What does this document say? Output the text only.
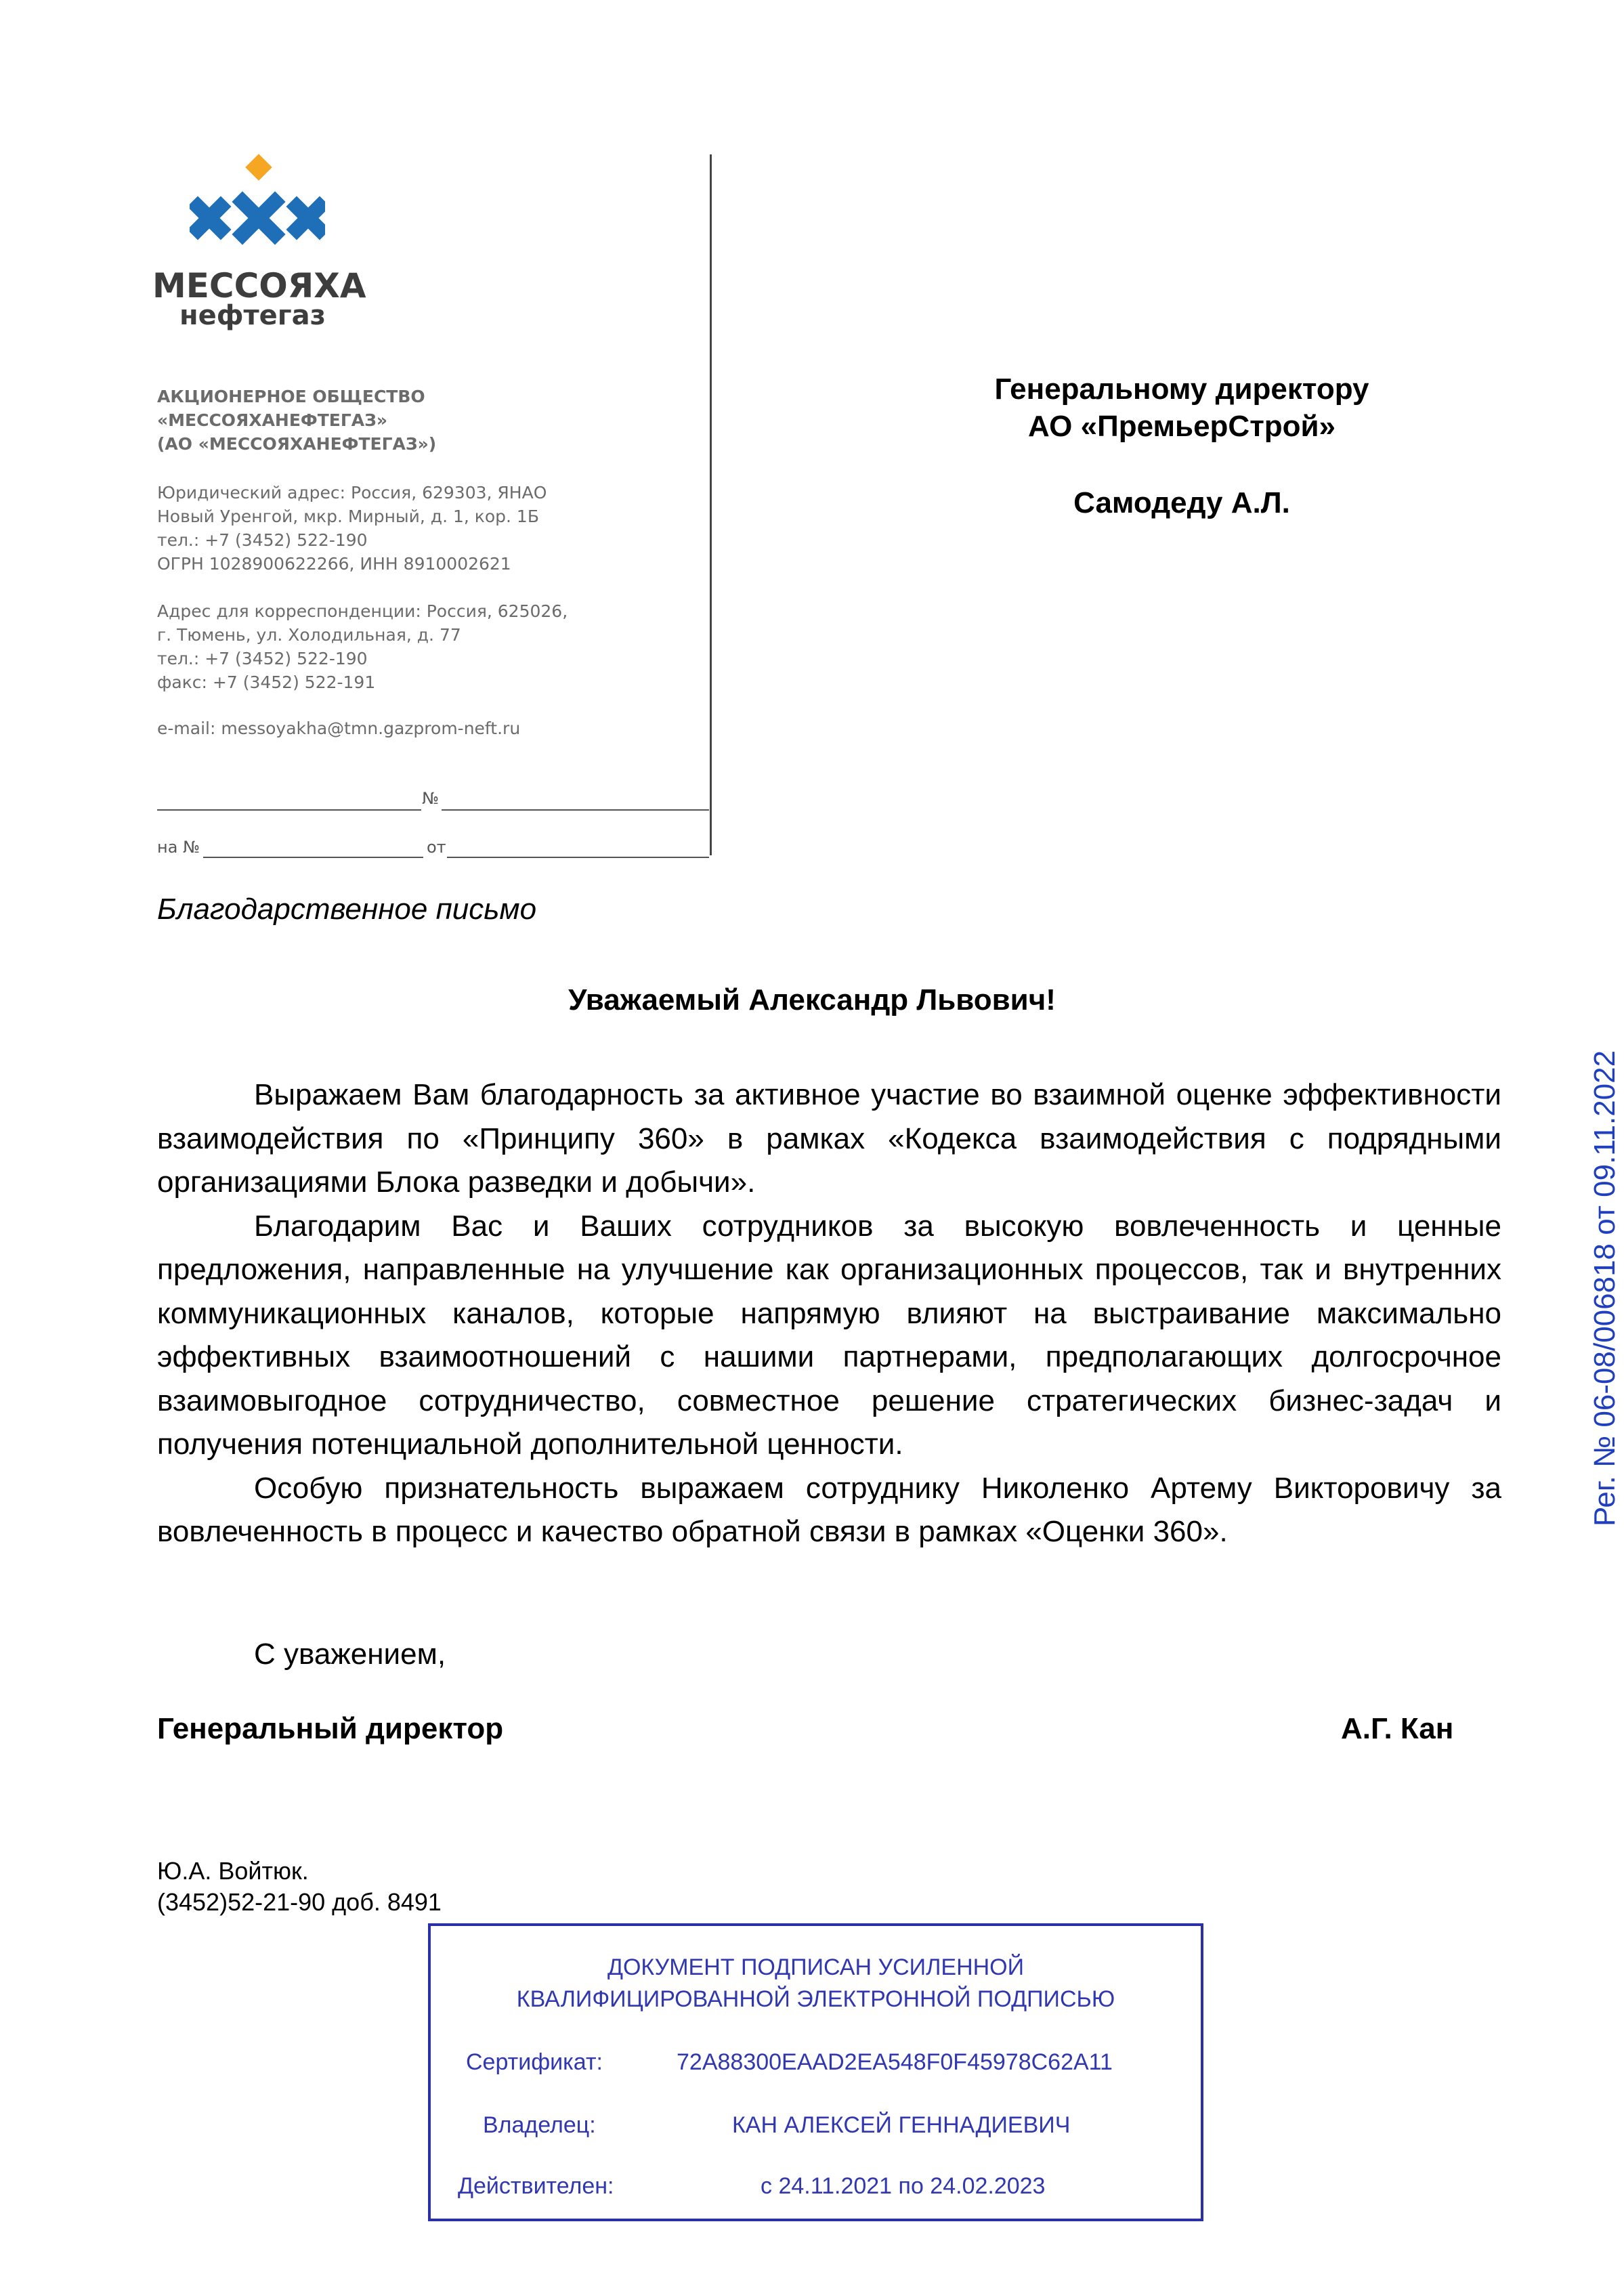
МЕССОЯХА
нефтегаз
АКЦИОНЕРНОЕ ОБЩЕСТВО
«МЕССОЯХАНЕФТЕГАЗ»
(АО «МЕССОЯХАНЕФТЕГАЗ»)
Юридический адрес: Россия, 629303, ЯНАО
Новый Уренгой, мкр. Мирный, д. 1, кор. 1Б
тел.: +7 (3452) 522-190
ОГРН 1028900622266, ИНН 8910002621
Адрес для корреспонденции: Россия, 625026,
г. Тюмень, ул. Холодильная, д. 77
тел.: +7 (3452) 522-190
факс: +7 (3452) 522-191
e-mail: messoyakha@tmn.gazprom-neft.ru
№
на №	от
Генеральному директору
АО «ПремьерСтрой»
Самодеду А.Л.
Благодарственное письмо
Уважаемый Александр Львович!

Выражаем Вам благодарность за активное участие во взаимной оценке эффективности взаимодействия по «Принципу 360» в рамках «Кодекса взаимодействия с подрядными организациями Блока разведки и добычи».

Благодарим Вас и Ваших сотрудников за высокую вовлеченность и ценные предложения, направленные на улучшение как организационных процессов, так и внутренних коммуникационных каналов, которые напрямую влияют на выстраивание максимально эффективных взаимоотношений с нашими партнерами, предполагающих долгосрочное взаимовыгодное сотрудничество, совместное решение стратегических бизнес-задач и получения потенциальной дополнительной ценности.

Особую признательность выражаем сотруднику Николенко Артему Викторовичу за вовлеченность в процесс и качество обратной связи в рамках «Оценки 360».

С уважением,
Генеральный директор	А.Г. Кан
Ю.А. Войтюк.
(3452)52-21-90 доб. 8491
ДОКУМЕНТ ПОДПИСАН УСИЛЕННОЙ
КВАЛИФИЦИРОВАННОЙ ЭЛЕКТРОННОЙ ПОДПИСЬЮ
Сертификат:	72A88300EAAD2EA548F0F45978C62A11
Владелец:	КАН АЛЕКСЕЙ ГЕННАДИЕВИЧ
Действителен:	с 24.11.2021 по 24.02.2023
Рег. № 06-08/006818 от 09.11.2022
